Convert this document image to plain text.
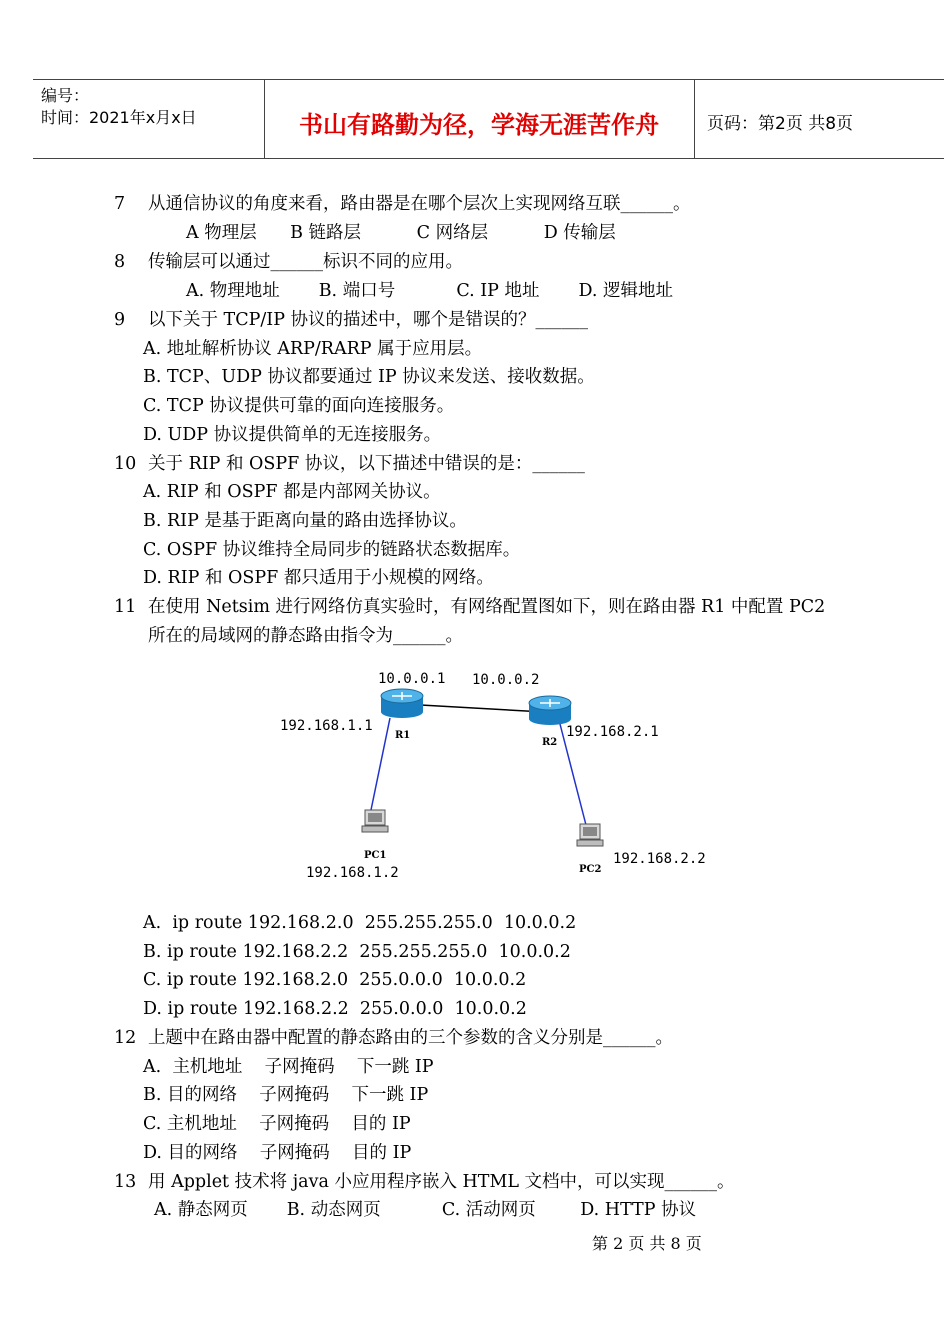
编号：
时间：2021年x月x日	书山有路勤为径，学海无涯苦作舟	页码：第2页 共8页
7 从通信协议的角度来看，路由器是在哪个层次上实现网络互联______。
A 物理层      B 链路层          C 网络层          D 传输层
8 传输层可以通过______标识不同的应用。
A. 物理地址       B. 端口号           C. IP 地址       D. 逻辑地址
9 以下关于 TCP/IP 协议的描述中，哪个是错误的？______
A. 地址解析协议 ARP/RARP 属于应用层。
B. TCP、UDP 协议都要通过 IP 协议来发送、接收数据。
C. TCP 协议提供可靠的面向连接服务。
D. UDP 协议提供简单的无连接服务。
10 关于 RIP 和 OSPF 协议，以下描述中错误的是：______
A. RIP 和 OSPF 都是内部网关协议。
B. RIP 是基于距离向量的路由选择协议。
C. OSPF 协议维持全局同步的链路状态数据库。
D. RIP 和 OSPF 都只适用于小规模的网络。
11 在使用 Netsim 进行网络仿真实验时，有网络配置图如下，则在路由器 R1 中配置 PC2
所在的局域网的静态路由指令为______。
10.0.0.1 10.0.0.2
192.168.1.1	192.168.2.1
R1
R2
PC1
PC2
192.168.1.2
192.168.2.2
A.  ip route 192.168.2.0  255.255.255.0  10.0.0.2
B. ip route 192.168.2.2  255.255.255.0  10.0.0.2
C. ip route 192.168.2.0  255.0.0.0  10.0.0.2
D. ip route 192.168.2.2  255.0.0.0  10.0.0.2
12 上题中在路由器中配置的静态路由的三个参数的含义分别是______。
A.  主机地址    子网掩码    下一跳 IP
B. 目的网络    子网掩码    下一跳 IP
C. 主机地址    子网掩码    目的 IP
D. 目的网络    子网掩码    目的 IP
13 用 Applet 技术将 java 小应用程序嵌入 HTML 文档中，可以实现______。
A. 静态网页       B. 动态网页           C. 活动网页        D. HTTP 协议
第 2 页 共 8 页
